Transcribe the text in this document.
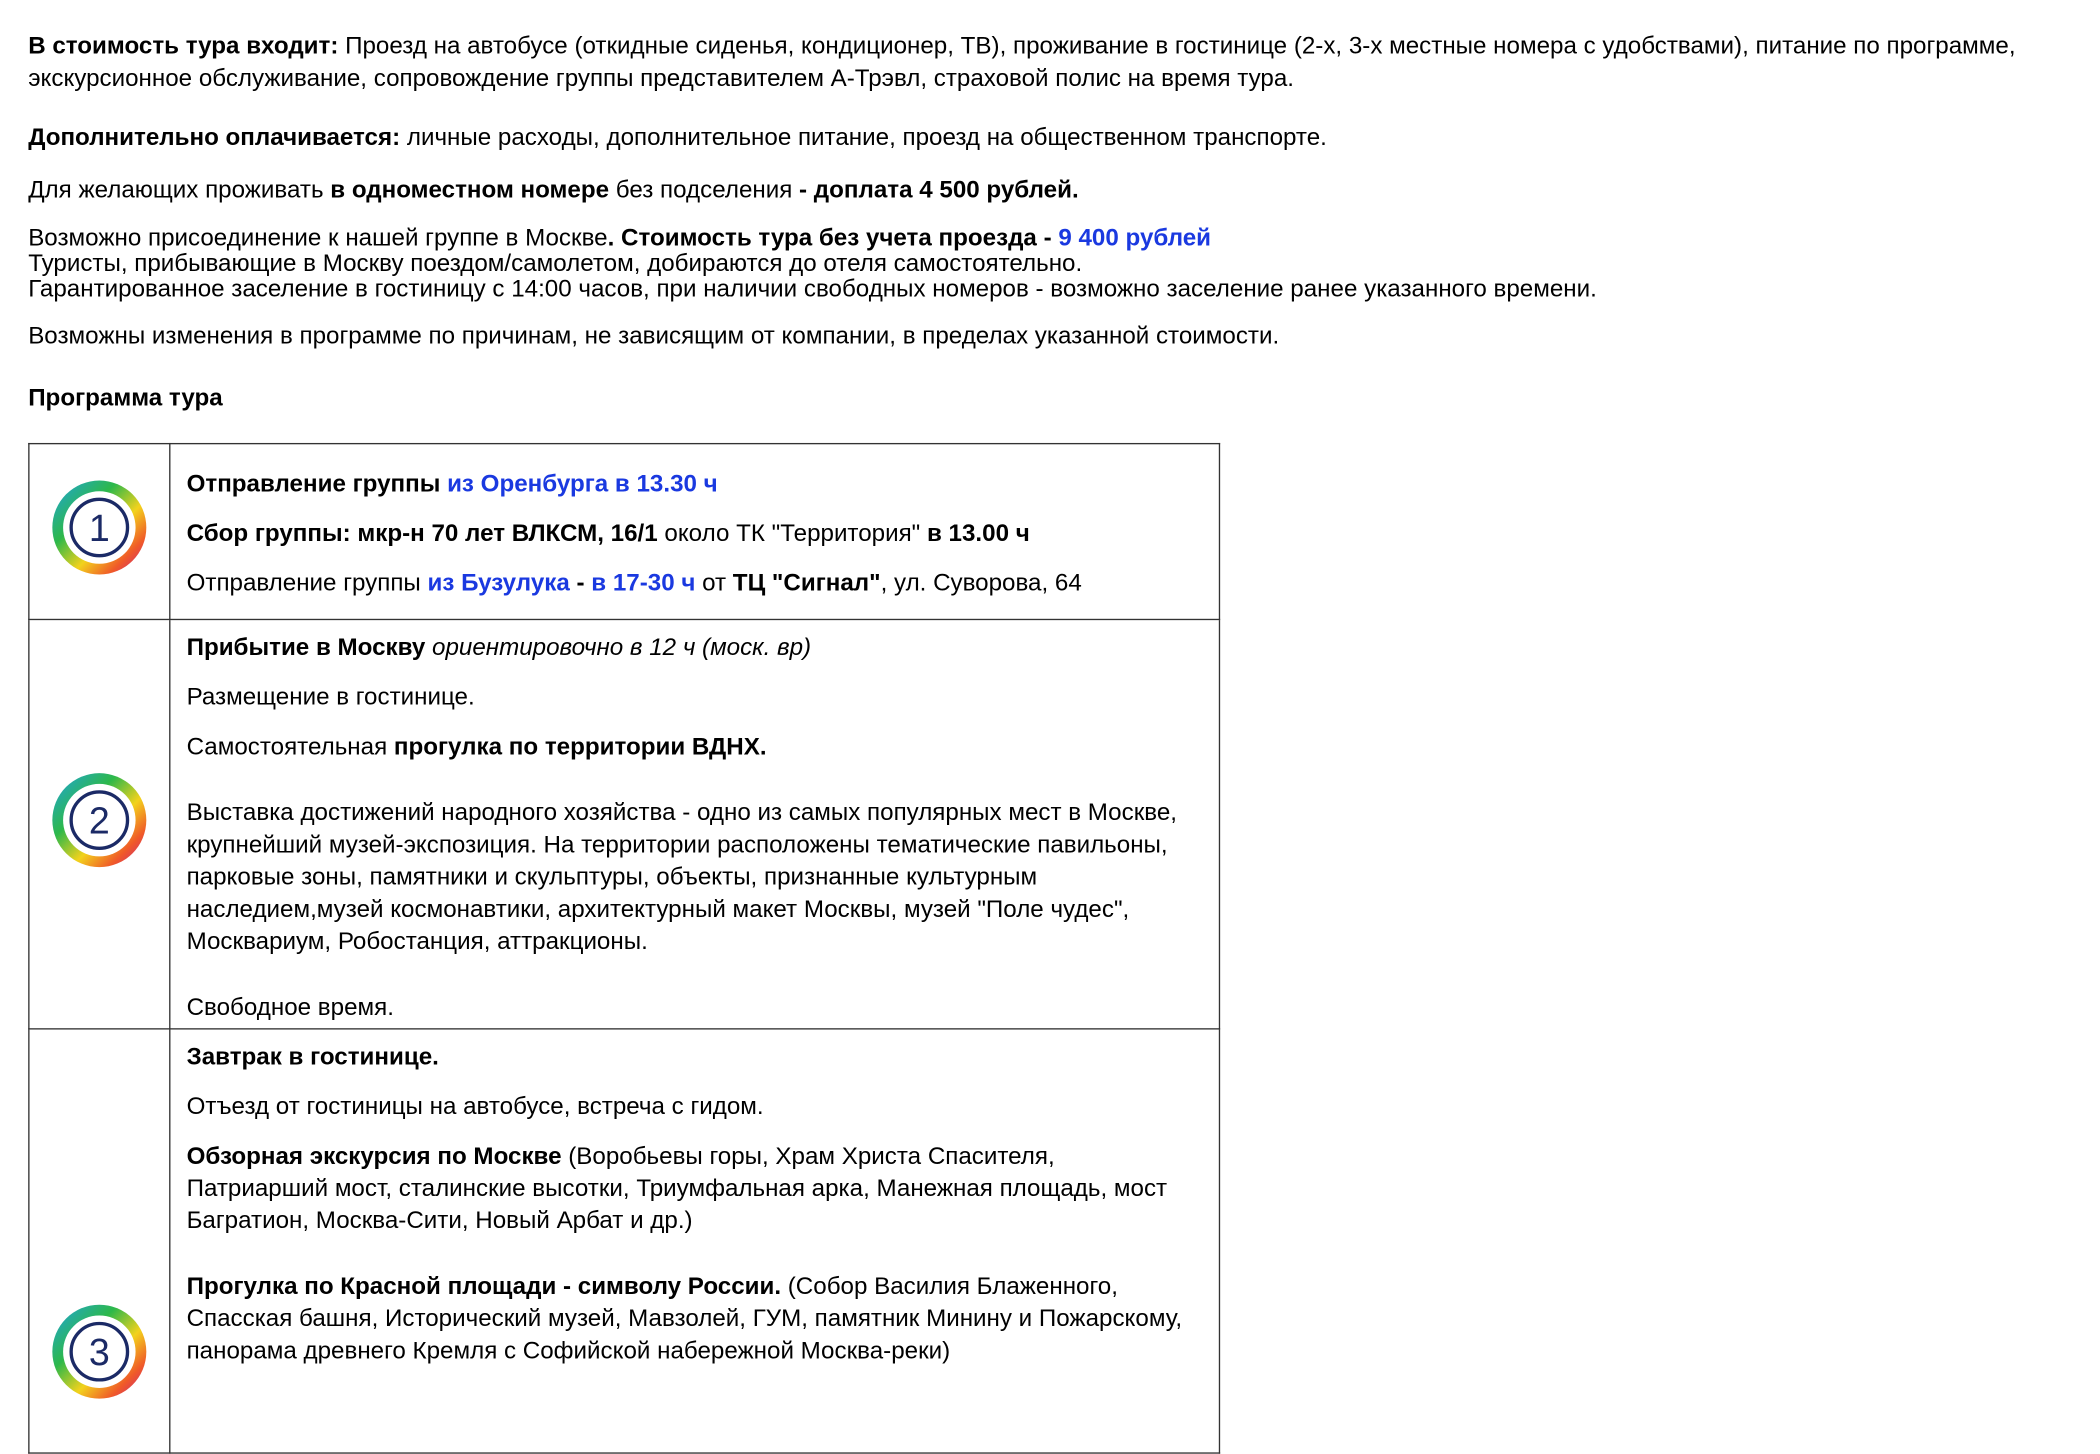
В стоимость тура входит: Проезд на автобусе (откидные сиденья, кондиционер, ТВ), проживание в гостинице (2-х, 3-х местные номера с удобствами), питание по программе, экскурсионное обслуживание, сопровождение группы представителем А-Трэвл, страховой полис на время тура.

Дополнительно оплачивается: личные расходы, дополнительное питание, проезд на общественном транспорте.

Для желающих проживать в одноместном номере без подселения - доплата 4 500 рублей.

Возможно присоединение к нашей группе в Москве. Стоимость тура без учета проезда - 9 400 рублей
Туристы, прибывающие в Москву поездом/самолетом, добираются до отеля самостоятельно.
Гарантированное заселение в гостиницу с 14:00 часов, при наличии свободных номеров - возможно заселение ранее указанного времени.

Возможны изменения в программе по причинам, не зависящим от компании, в пределах указанной стоимости.

Программа тура

1	Отправление группы из Оренбурга в 13.30 ч

Сбор группы: мкр-н 70 лет ВЛКСМ, 16/1 около ТК "Территория" в 13.00 ч

Отправление группы из Бузулука - в 17-30 ч от ТЦ "Сигнал", ул. Суворова, 64

2	Прибытие в Москву ориентировочно в 12 ч (моск. вр)

Размещение в гостинице.

Самостоятельная прогулка по территории ВДНХ.

Выставка достижений народного хозяйства - одно из самых популярных мест в Москве, крупнейший музей-экспозиция. На территории расположены тематические павильоны, парковые зоны, памятники и скульптуры, объекты, признанные культурным наследием,музей космонавтики, архитектурный макет Москвы, музей "Поле чудес", Москвариум, Робостанция, аттракционы.

Свободное время.

3	Завтрак в гостинице.

Отъезд от гостиницы на автобусе, встреча с гидом.

Обзорная экскурсия по Москве (Воробьевы горы, Храм Христа Спасителя, Патриарший мост, сталинские высотки, Триумфальная арка, Манежная площадь, мост Багратион, Москва-Сити, Новый Арбат и др.)

Прогулка по Красной площади - символу России. (Собор Василия Блаженного, Спасская башня, Исторический музей, Мавзолей, ГУМ, памятник Минину и Пожарскому, панорама древнего Кремля с Софийской набережной Москва-реки)
